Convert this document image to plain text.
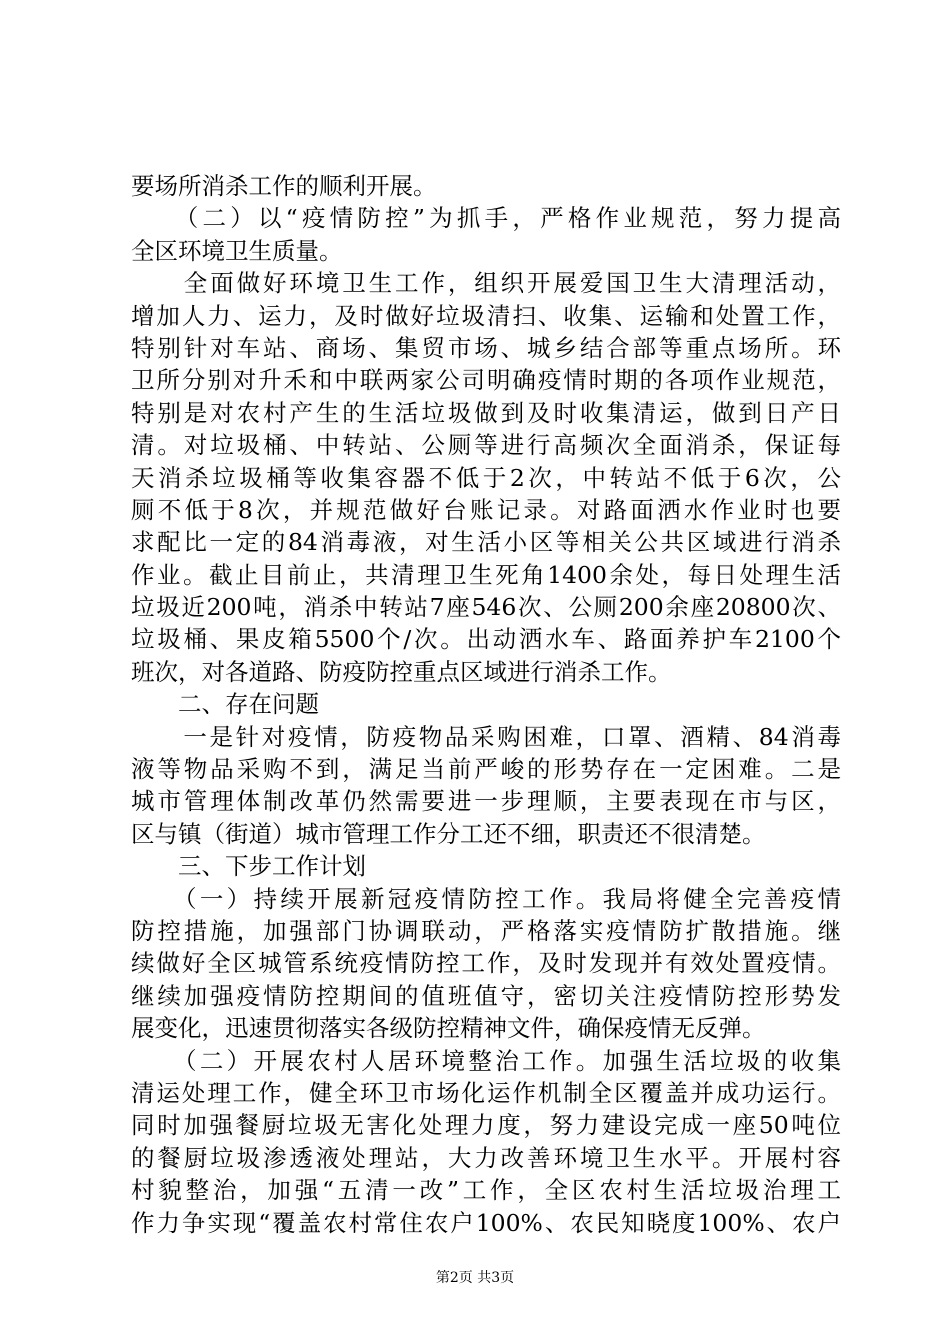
要场所消杀工作的顺利开展。
　　（二）以“疫情防控”为抓手，严格作业规范，努力提高
全区环境卫生质量。
　　全面做好环境卫生工作，组织开展爱国卫生大清理活动，
增加人力、运力，及时做好垃圾清扫、收集、运输和处置工作，
特别针对车站、商场、集贸市场、城乡结合部等重点场所。环
卫所分别对升禾和中联两家公司明确疫情时期的各项作业规范，
特别是对农村产生的生活垃圾做到及时收集清运，做到日产日
清。对垃圾桶、中转站、公厕等进行高频次全面消杀，保证每
天消杀垃圾桶等收集容器不低于2次，中转站不低于6次，公
厕不低于8次，并规范做好台账记录。对路面洒水作业时也要
求配比一定的84消毒液，对生活小区等相关公共区域进行消杀
作业。截止目前止，共清理卫生死角1400余处，每日处理生活
垃圾近200吨，消杀中转站7座546次、公厕200余座20800次、
垃圾桶、果皮箱5500个/次。出动洒水车、路面养护车2100个
班次，对各道路、防疫防控重点区域进行消杀工作。
　　二、存在问题
　　一是针对疫情，防疫物品采购困难，口罩、酒精、84消毒
液等物品采购不到，满足当前严峻的形势存在一定困难。二是
城市管理体制改革仍然需要进一步理顺，主要表现在市与区，
区与镇（街道）城市管理工作分工还不细，职责还不很清楚。
　　三、下步工作计划
　　（一）持续开展新冠疫情防控工作。我局将健全完善疫情
防控措施，加强部门协调联动，严格落实疫情防扩散措施。继
续做好全区城管系统疫情防控工作，及时发现并有效处置疫情。
继续加强疫情防控期间的值班值守，密切关注疫情防控形势发
展变化，迅速贯彻落实各级防控精神文件，确保疫情无反弹。
　　（二）开展农村人居环境整治工作。加强生活垃圾的收集
清运处理工作，健全环卫市场化运作机制全区覆盖并成功运行。
同时加强餐厨垃圾无害化处理力度，努力建设完成一座50吨位
的餐厨垃圾渗透液处理站，大力改善环境卫生水平。开展村容
村貌整治，加强“五清一改”工作，全区农村生活垃圾治理工
作力争实现“覆盖农村常住农户100%、农民知晓度100%、农户
第2页 共3页
